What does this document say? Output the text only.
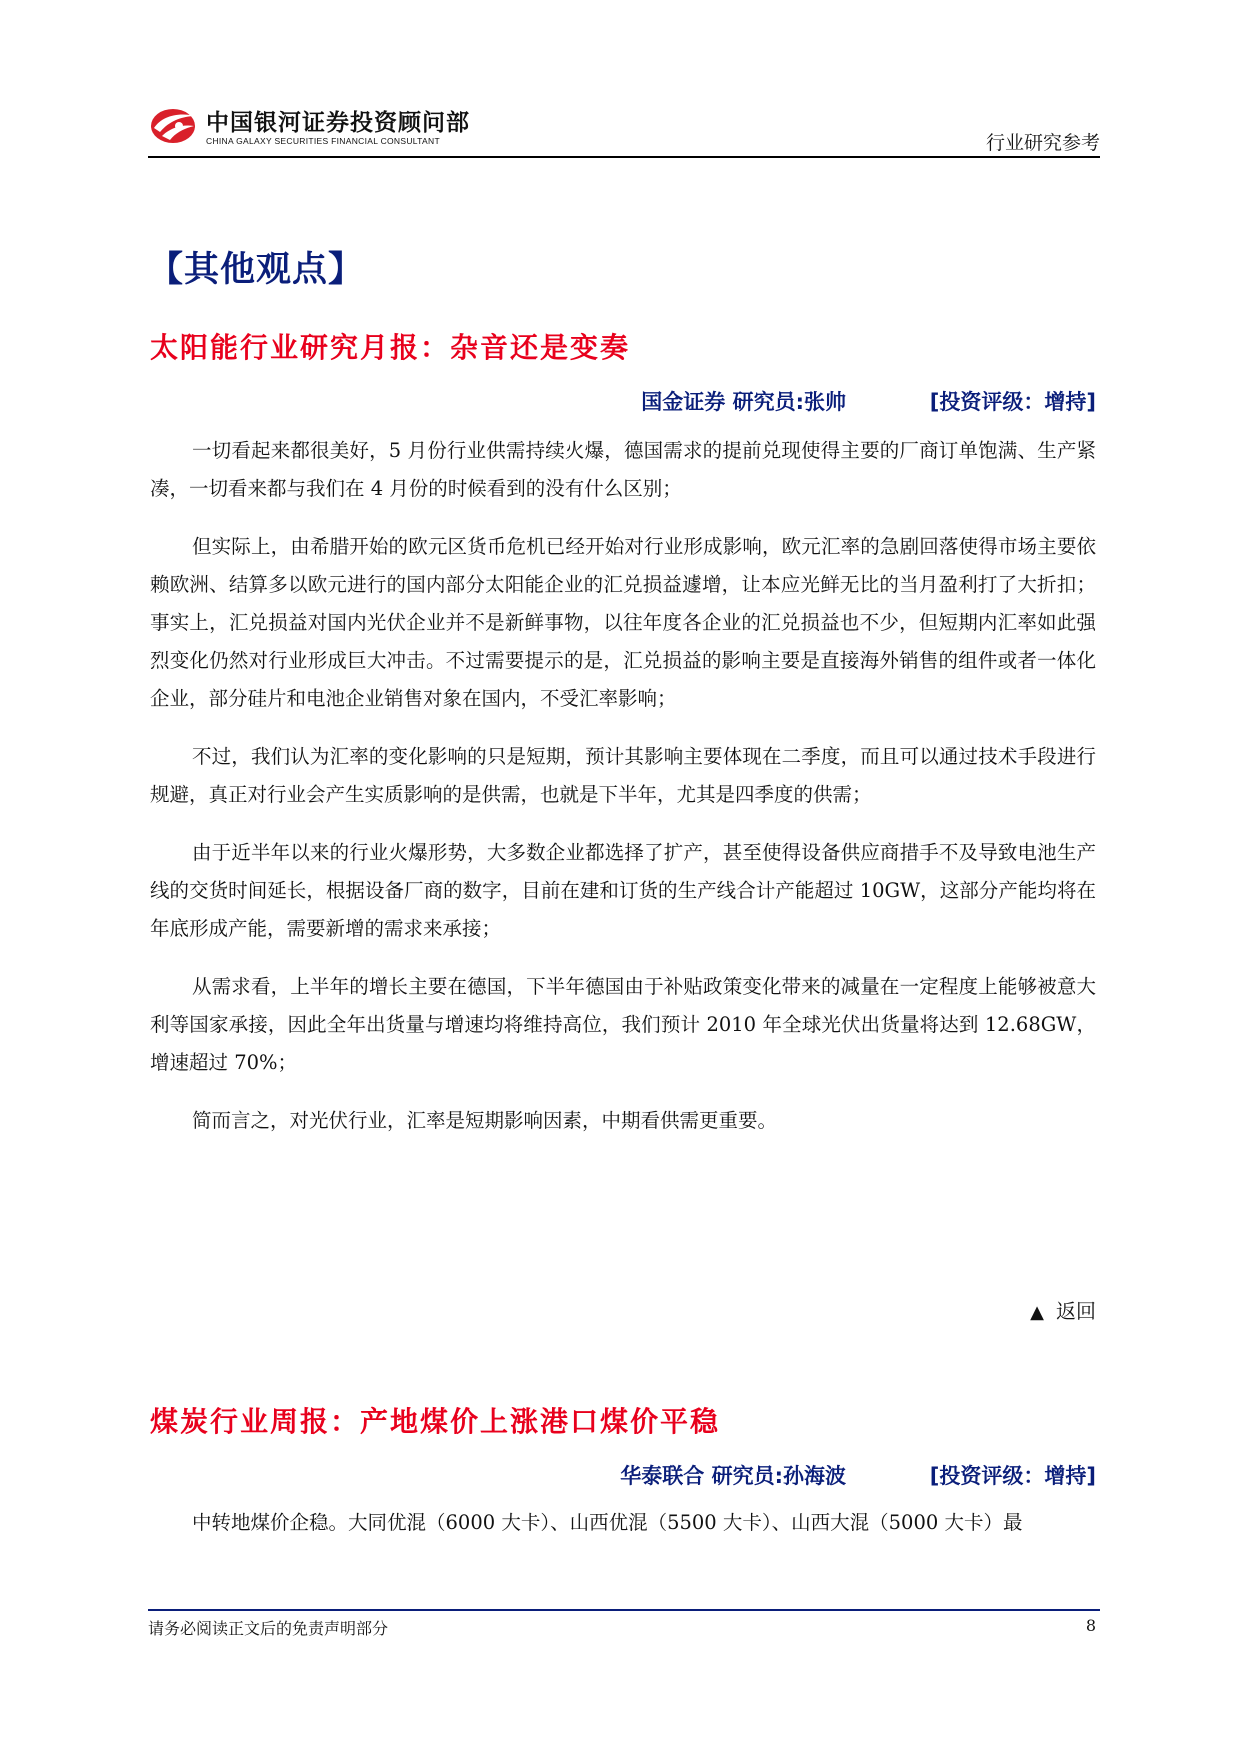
中国银河证券投资顾问部
CHINA GALAXY SECURITIES FINANCIAL CONSULTANT	行业研究参考
【其他观点】
太阳能行业研究月报：杂音还是变奏
国金证券 研究员:张帅	[投资评级：增持]

一切看起来都很美好，5 月份行业供需持续火爆，德国需求的提前兑现使得主要的厂商订单饱满、生产紧凑，一切看来都与我们在 4 月份的时候看到的没有什么区别；

但实际上，由希腊开始的欧元区货币危机已经开始对行业形成影响，欧元汇率的急剧回落使得市场主要依赖欧洲、结算多以欧元进行的国内部分太阳能企业的汇兑损益遽增，让本应光鲜无比的当月盈利打了大折扣；事实上，汇兑损益对国内光伏企业并不是新鲜事物，以往年度各企业的汇兑损益也不少，但短期内汇率如此强烈变化仍然对行业形成巨大冲击。不过需要提示的是，汇兑损益的影响主要是直接海外销售的组件或者一体化企业，部分硅片和电池企业销售对象在国内，不受汇率影响；

不过，我们认为汇率的变化影响的只是短期，预计其影响主要体现在二季度，而且可以通过技术手段进行规避，真正对行业会产生实质影响的是供需，也就是下半年，尤其是四季度的供需；

由于近半年以来的行业火爆形势，大多数企业都选择了扩产，甚至使得设备供应商措手不及导致电池生产线的交货时间延长，根据设备厂商的数字，目前在建和订货的生产线合计产能超过 10GW，这部分产能均将在年底形成产能，需要新增的需求来承接；

从需求看，上半年的增长主要在德国，下半年德国由于补贴政策变化带来的减量在一定程度上能够被意大利等国家承接，因此全年出货量与增速均将维持高位，我们预计 2010 年全球光伏出货量将达到 12.68GW，增速超过 70%；

简而言之，对光伏行业，汇率是短期影响因素，中期看供需更重要。

▲ 返回
煤炭行业周报：产地煤价上涨港口煤价平稳
华泰联合 研究员:孙海波	[投资评级：增持]

中转地煤价企稳。大同优混（6000 大卡）、山西优混（5500 大卡）、山西大混（5000 大卡）最

请务必阅读正文后的免责声明部分	8
